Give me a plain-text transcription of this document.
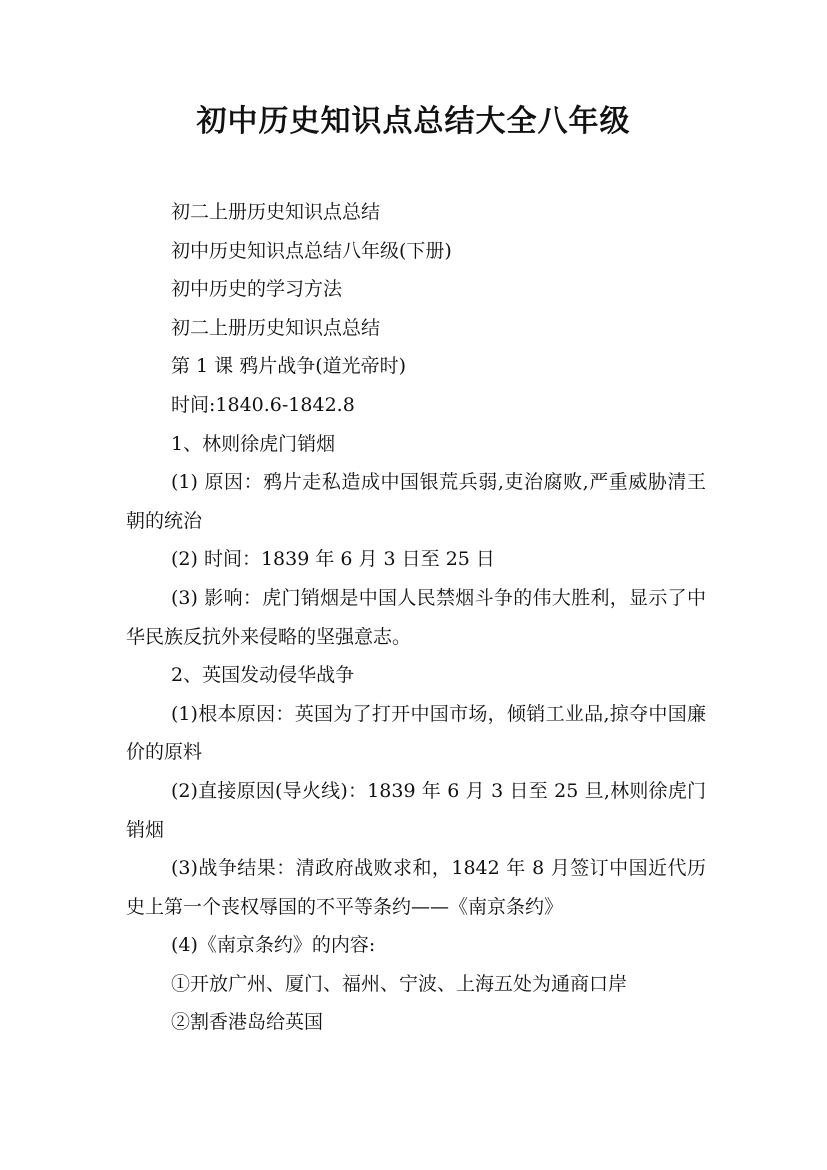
初中历史知识点总结大全八年级
初二上册历史知识点总结
初中历史知识点总结八年级(下册)
初中历史的学习方法
初二上册历史知识点总结
第 1 课 鸦片战争(道光帝时)
时间:1840.6-1842.8
1、林则徐虎门销烟
(1) 原因：鸦片走私造成中国银荒兵弱,吏治腐败,严重威胁清王朝的统治
(2) 时间：1839 年 6 月 3 日至 25 日
(3) 影响：虎门销烟是中国人民禁烟斗争的伟大胜利，显示了中华民族反抗外来侵略的坚强意志。
2、英国发动侵华战争
(1)根本原因：英国为了打开中国市场，倾销工业品,掠夺中国廉价的原料
(2)直接原因(导火线)：1839 年 6 月 3 日至 25 旦,林则徐虎门销烟
(3)战争结果：清政府战败求和，1842 年 8 月签订中国近代历史上第一个丧权辱国的不平等条约——《南京条约》
(4)《南京条约》的内容:
①开放广州、厦门、福州、宁波、上海五处为通商口岸
②割香港岛给英国
